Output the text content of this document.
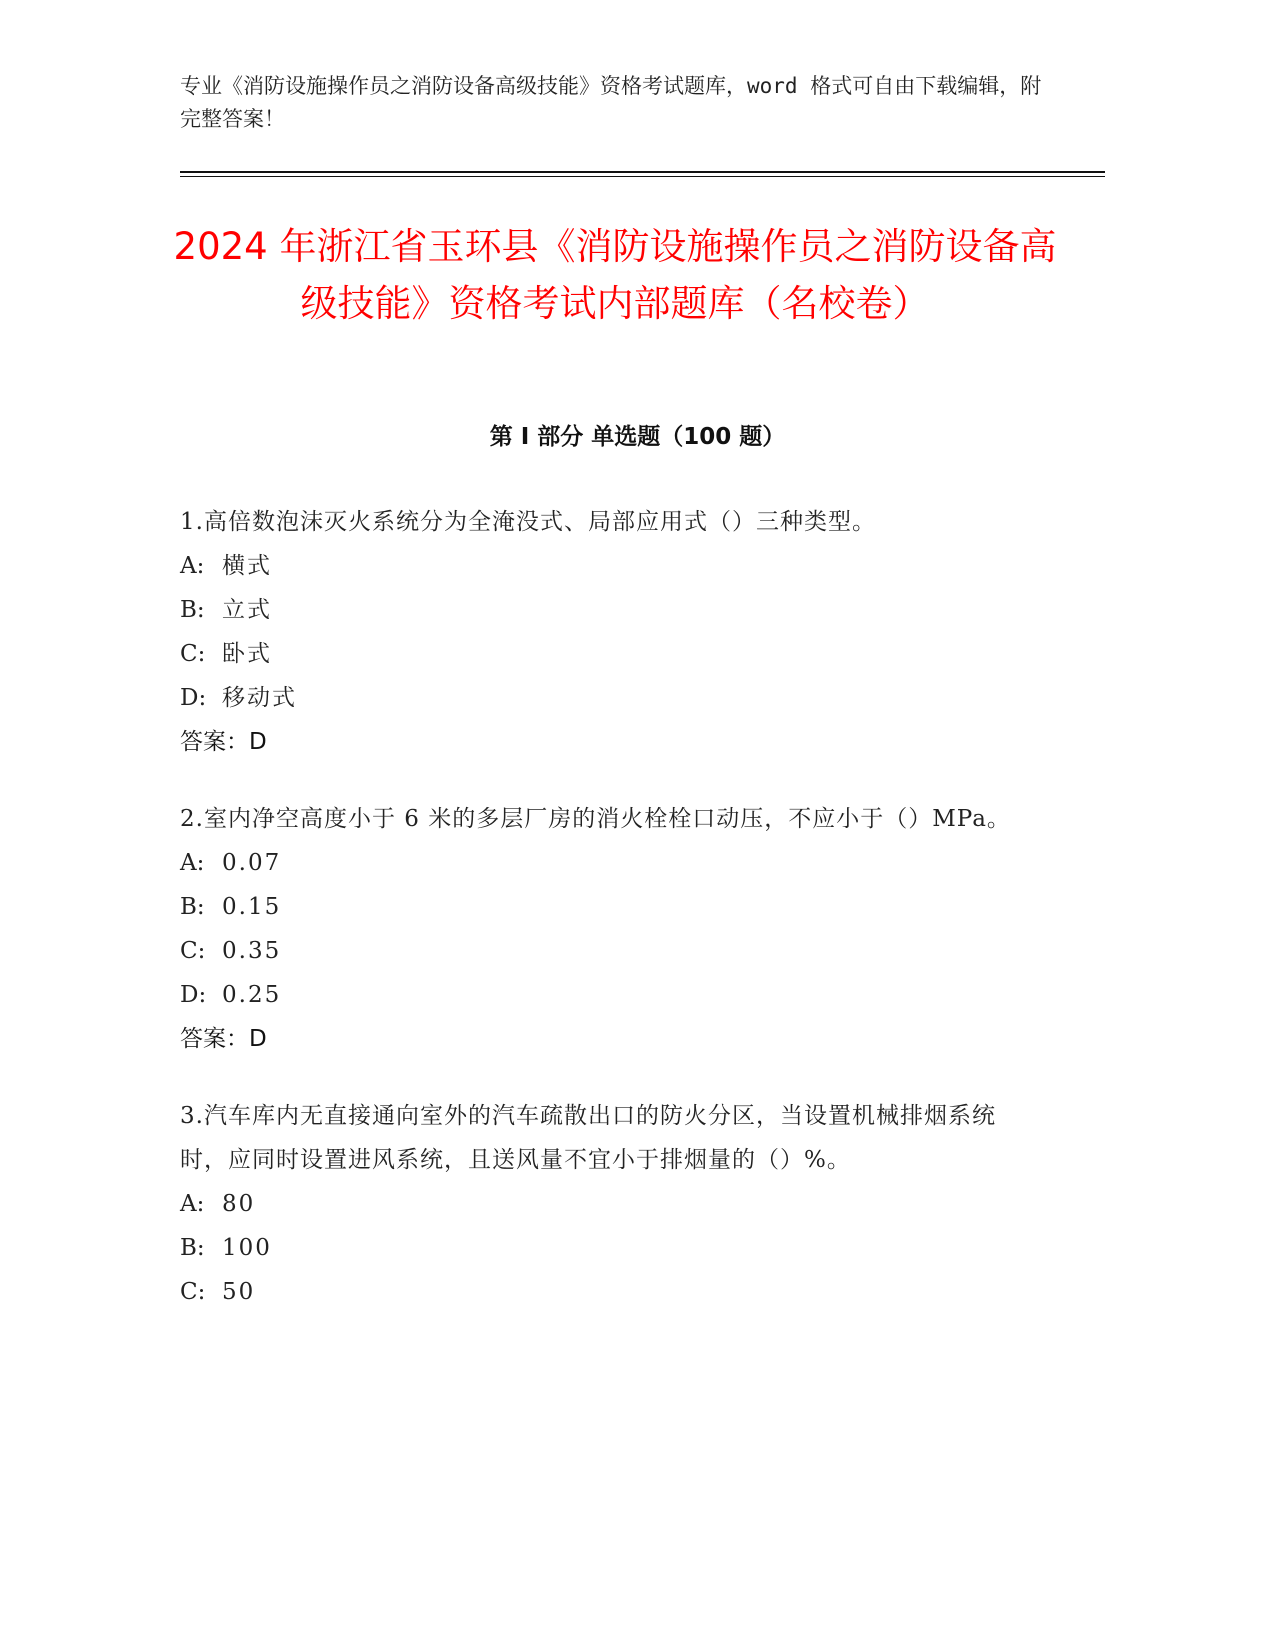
专业《消防设施操作员之消防设备高级技能》资格考试题库，word 格式可自由下载编辑，附完整答案！
2024 年浙江省玉环县《消防设施操作员之消防设备高级技能》资格考试内部题库（名校卷）
第 I 部分 单选题（100 题）
1.高倍数泡沫灭火系统分为全淹没式、局部应用式（）三种类型。
A: 横式
B: 立式
C: 卧式
D: 移动式
答案：D
2.室内净空高度小于 6 米的多层厂房的消火栓栓口动压，不应小于（）MPa。
A: 0.07
B: 0.15
C: 0.35
D: 0.25
答案：D
3.汽车库内无直接通向室外的汽车疏散出口的防火分区，当设置机械排烟系统时，应同时设置进风系统，且送风量不宜小于排烟量的（）%。
A: 80
B: 100
C: 50
